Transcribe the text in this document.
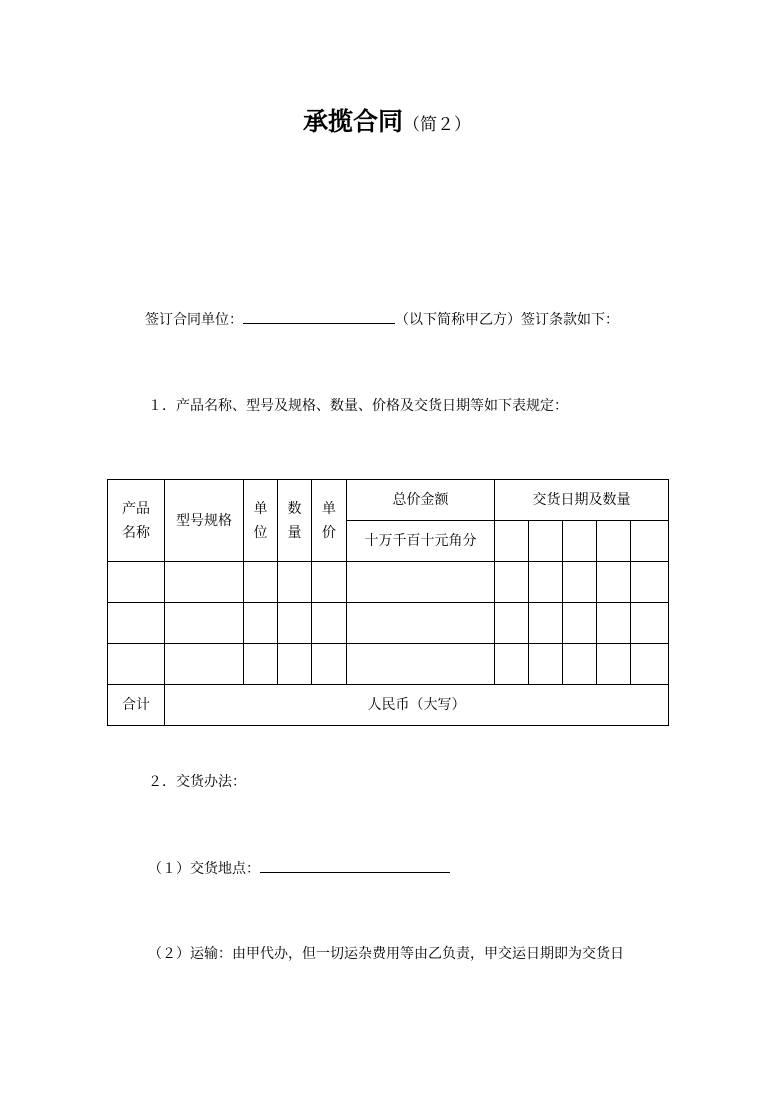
承揽合同（简２）
签订合同单位：	（以下简称甲乙方）签订条款如下：
１．产品名称、型号及规格、数量、价格及交货日期等如下表规定：
产品名称	型号规格	单位	数量	单价	总价金额	交货日期及数量				
					十万千百十元角分					

合计	人民币（大写）									
２．交货办法：
（１）交货地点：
（２）运输：由甲代办，但一切运杂费用等由乙负责，甲交运日期即为交货日
